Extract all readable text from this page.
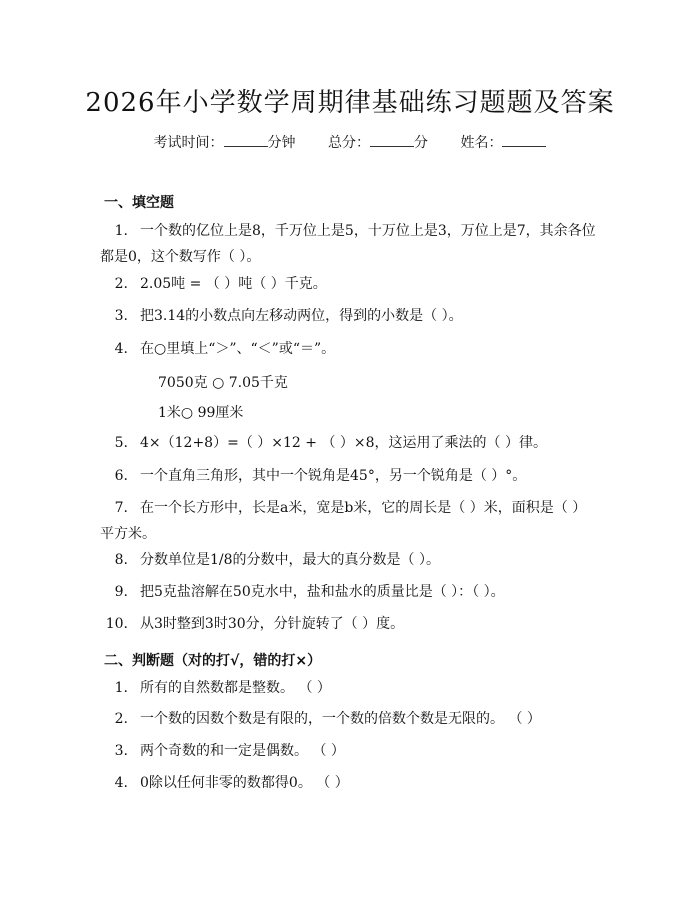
2026年小学数学周期律基础练习题题及答案
考试时间：	分钟 总分：	分 姓名：
一、填空题
1. 一个数的亿位上是8，千万位上是5，十万位上是3，万位上是7，其余各位都是0，这个数写作（ ）。
2. 2.05吨 = （ ）吨（ ）千克。
3. 把3.14的小数点向左移动两位，得到的小数是（ ）。
4. 在○里填上“＞”、“＜”或“＝”。
7050克 ○ 7.05千克
1米○ 99厘米
5. 4×（12+8）=（ ）×12 + （ ）×8，这运用了乘法的（ ）律。
6. 一个直角三角形，其中一个锐角是45°，另一个锐角是（ ）°。
7. 在一个长方形中，长是a米，宽是b米，它的周长是（ ）米，面积是（ ）平方米。
8. 分数单位是1/8的分数中，最大的真分数是（ ）。
9. 把5克盐溶解在50克水中，盐和盐水的质量比是（ ）：（ ）。
10. 从3时整到3时30分，分针旋转了（ ）度。
二、判断题（对的打√，错的打×）
1. 所有的自然数都是整数。 （ ）
2. 一个数的因数个数是有限的，一个数的倍数个数是无限的。 （ ）
3. 两个奇数的和一定是偶数。 （ ）
4. 0除以任何非零的数都得0。 （ ）
